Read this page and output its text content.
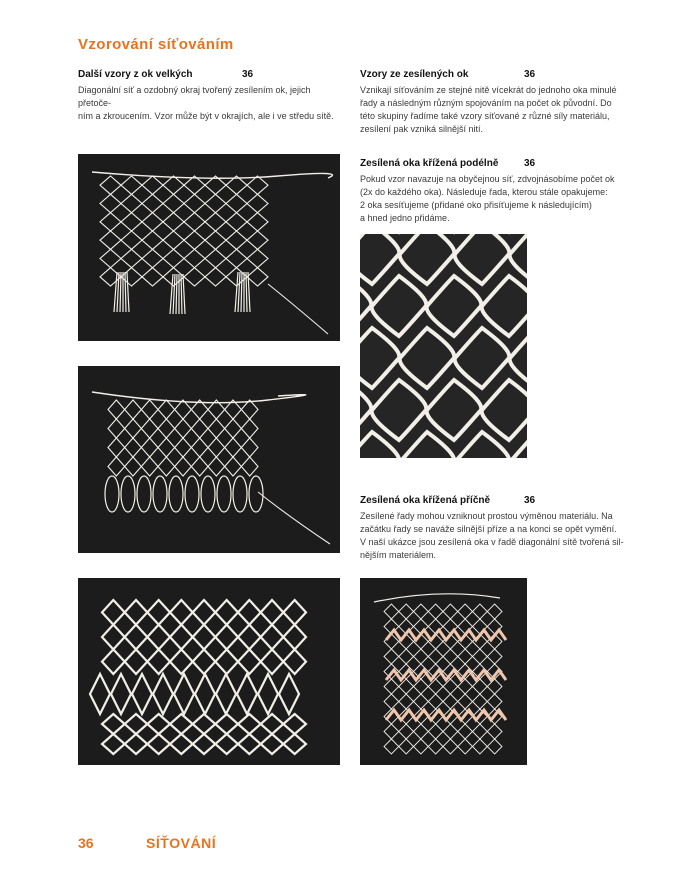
Vzorování síťováním
Další vzory z ok velkých	36

Diagonální síť a ozdobný okraj tvořený zesílením ok, jejich přetoče-
ním a zkroucením. Vzor může být v okrajích, ale i ve středu sítě.

Vzory ze zesílených ok	36

Vznikají síťováním ze stejné nitě vícekrát do jednoho oka minulé
řady a následným různým spojováním na počet ok původní. Do
této skupiny řadíme také vzory síťované z různé síly materiálu,
zesílení pak vzniká silnější nití.

Zesílená oka křížená podélně	36

Pokud vzor navazuje na obyčejnou síť, zdvojnásobíme počet ok
(2x do každého oka). Následuje řada, kterou stále opakujeme:
2 oka sesíťujeme (přidané oko přisíťujeme k následujícím)
a hned jedno přidáme.

Zesílená oka křížená příčně	36

Zesílené řady mohou vzniknout prostou výměnou materiálu. Na
začátku řady se naváže silnější příze a na konci se opět vymění.
V naší ukázce jsou zesílená oka v řadě diagonální sítě tvořená sil-
nějším materiálem.

36	SÍŤOVÁNÍ
